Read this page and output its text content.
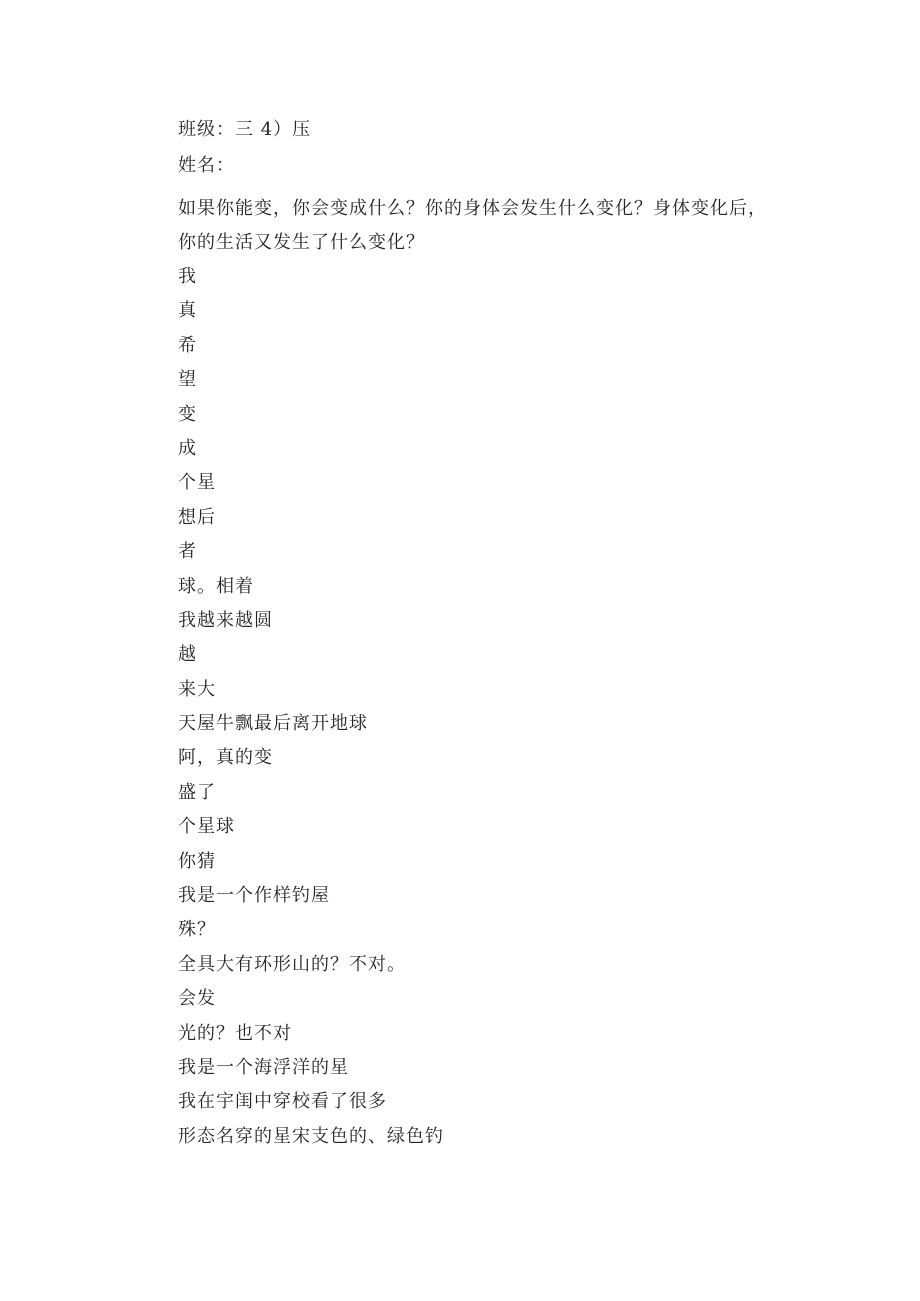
班级：三 4）压
姓名：

如果你能变，你会变成什么？你的身体会发生什么变化？身体变化后，
你的生活又发生了什么变化？

我
真
希
望
变
成
个星
想后
者
球。相着
我越来越圆
越
来大
天屋牛飘最后离开地球
阿，真的变
盛了
个星球
你猜
我是一个作样钓屋
殊？
全具大有环形山的？不对。
会发
光的？也不对
我是一个海浮洋的星
我在宇闺中穿校看了很多
形态名穿的星宋支色的、绿色钓
